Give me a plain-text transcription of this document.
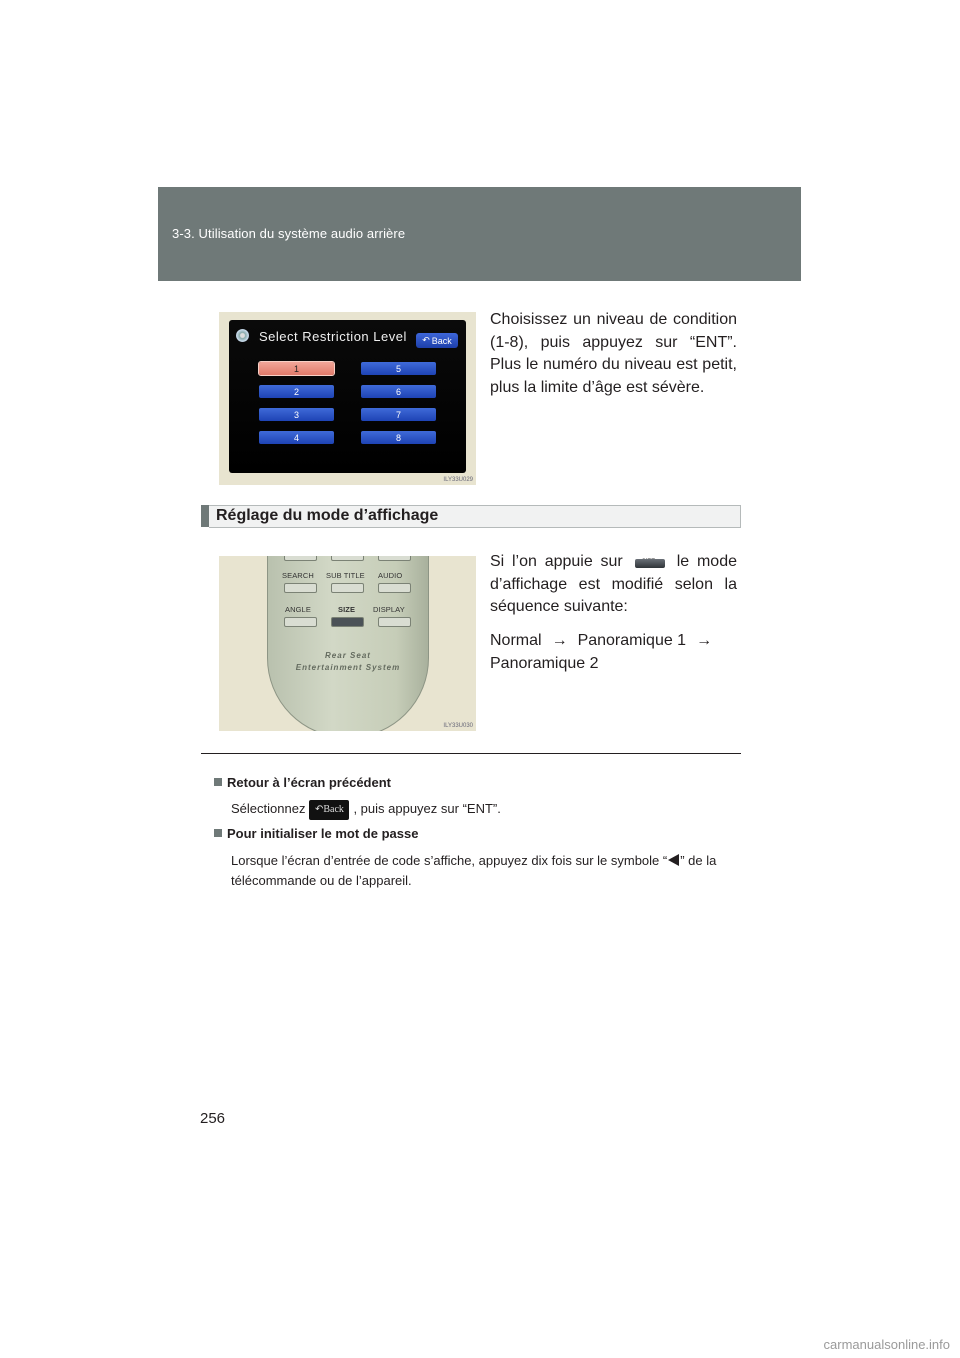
3-3. Utilisation du système audio arrière
Select Restriction Level ↶ Back
1
2
3
4
5
6
7
8
ILY33U029
Choisissez un niveau de condition (1-8), puis appuyez sur “ENT”. Plus le numéro du niveau est petit, plus la limite d’âge est sévère.
Réglage du mode d’affichage
SEARCH SUB TITLE AUDIO
ANGLE	SIZE DISPLAY
Rear Seat
Entertainment System
ILY33U030
Si l’on appuie sur	le mode d’affichage est modifié selon la séquence suivante:
Normal → Panoramique 1 →Panoramique 2
Retour à l’écran précédent
Sélectionnez ↶Back , puis appuyez sur “ENT”.
Pour initialiser le mot de passe
Lorsque l’écran d’entrée de code s’affiche, appuyez dix fois sur le symbole “ ” de la télécommande ou de l’appareil.
256
carmanualsonline.info
